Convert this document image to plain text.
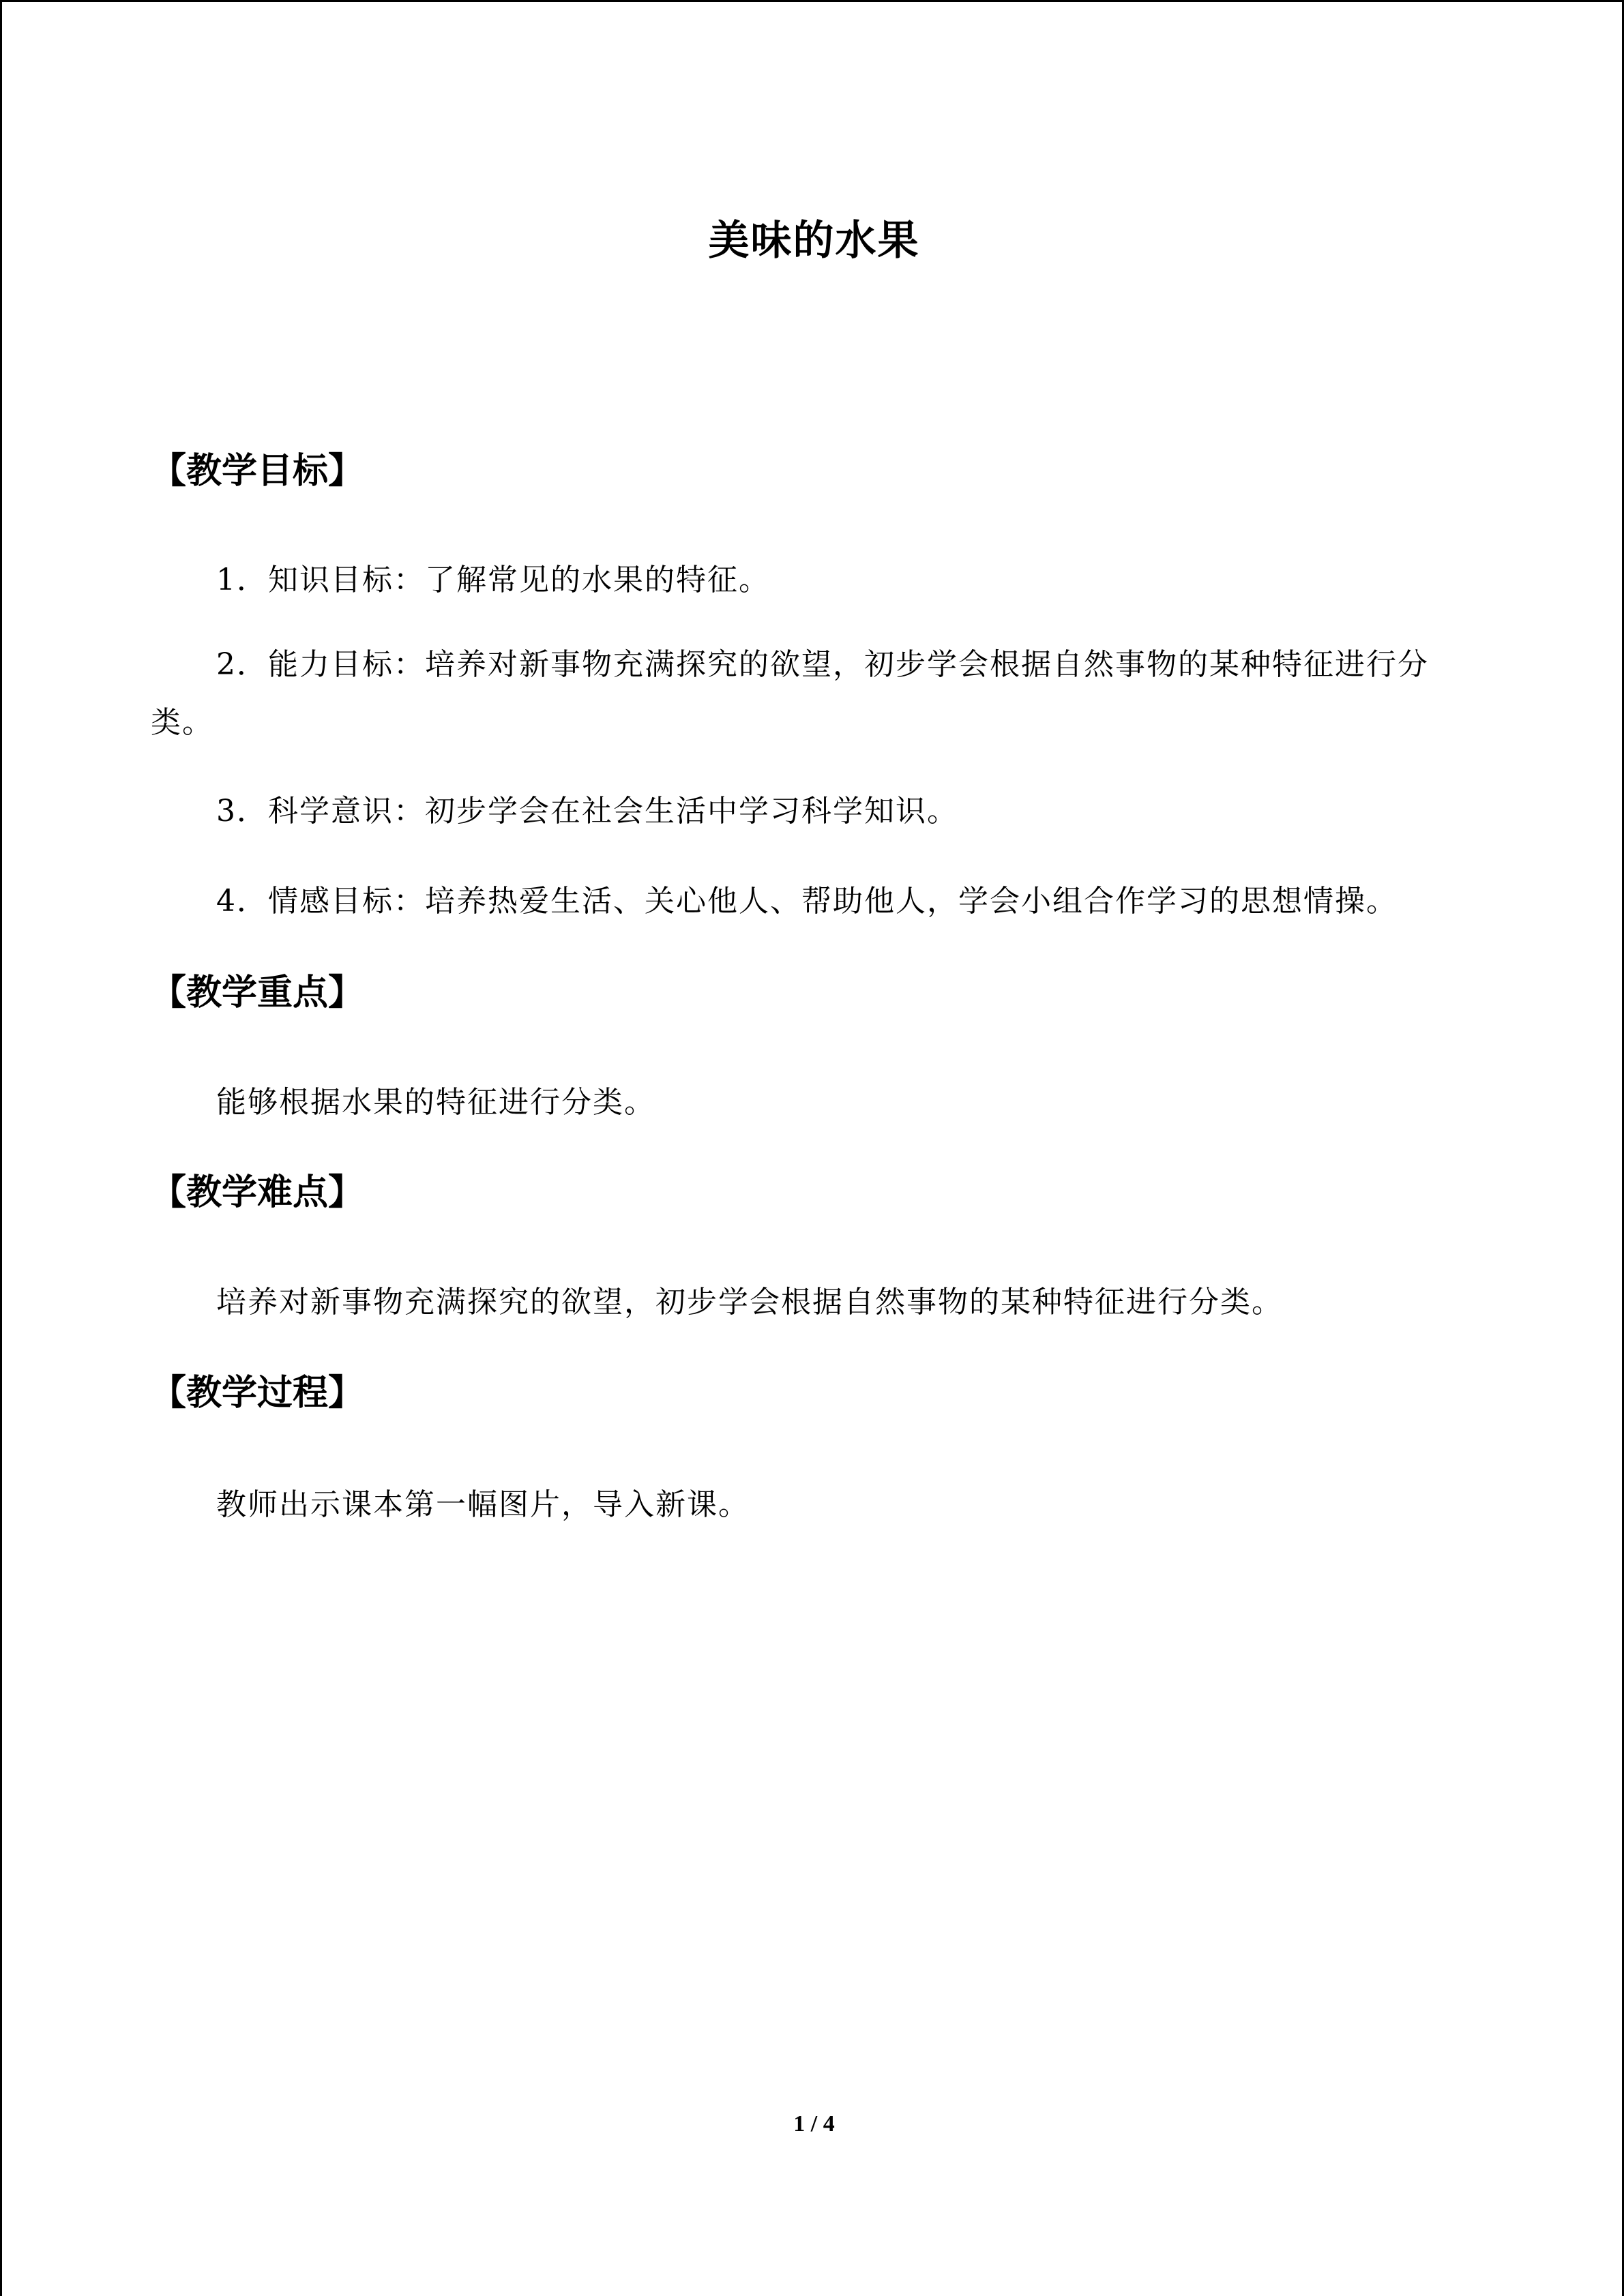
美味的水果
【教学目标】
1．知识目标：了解常见的水果的特征。
2．能力目标：培养对新事物充满探究的欲望，初步学会根据自然事物的某种特征进行分类。
3．科学意识：初步学会在社会生活中学习科学知识。
4．情感目标：培养热爱生活、关心他人、帮助他人，学会小组合作学习的思想情操。
【教学重点】
能够根据水果的特征进行分类。
【教学难点】
培养对新事物充满探究的欲望，初步学会根据自然事物的某种特征进行分类。
【教学过程】
教师出示课本第一幅图片，导入新课。
1 / 4
